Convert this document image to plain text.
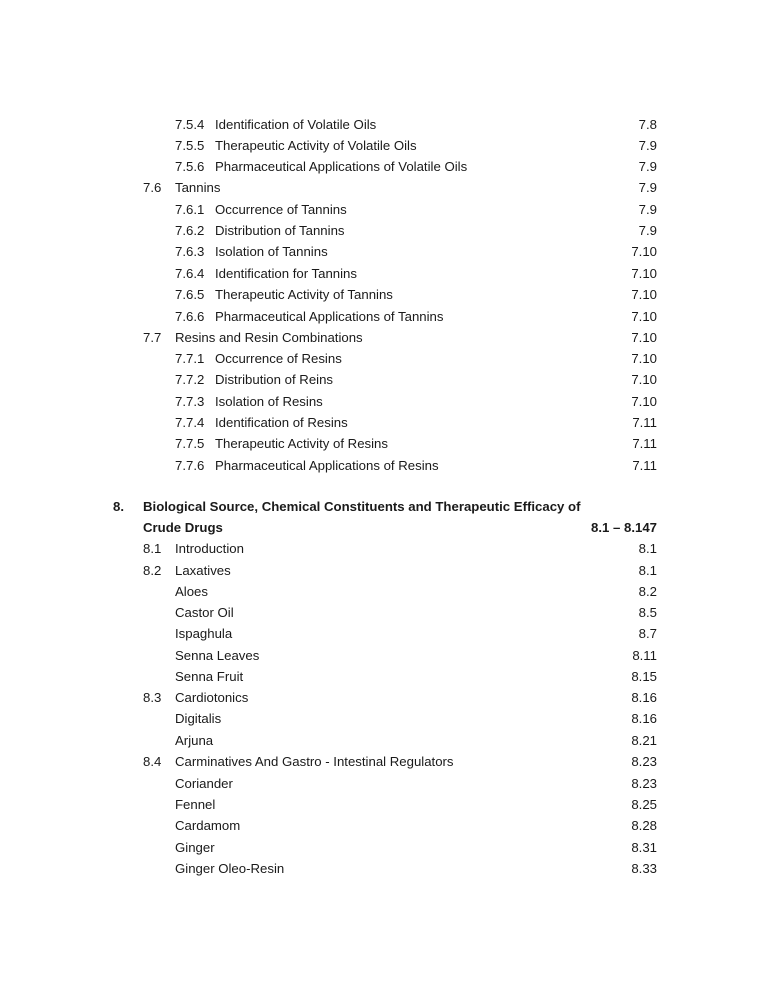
7.5.4 Identification of Volatile Oils	7.8
7.5.5 Therapeutic Activity of Volatile Oils	7.9
7.5.6 Pharmaceutical Applications of Volatile Oils	7.9
7.6 Tannins	7.9
7.6.1 Occurrence of Tannins	7.9
7.6.2 Distribution of Tannins	7.9
7.6.3 Isolation of Tannins	7.10
7.6.4 Identification for Tannins	7.10
7.6.5 Therapeutic Activity of Tannins	7.10
7.6.6 Pharmaceutical Applications of Tannins	7.10
7.7 Resins and Resin Combinations	7.10
7.7.1 Occurrence of Resins	7.10
7.7.2 Distribution of Reins	7.10
7.7.3 Isolation of Resins	7.10
7.7.4 Identification of Resins	7.11
7.7.5 Therapeutic Activity of Resins	7.11
7.7.6 Pharmaceutical Applications of Resins	7.11
8. Biological Source, Chemical Constituents and Therapeutic Efficacy of
Crude Drugs	8.1 – 8.147
8.1 Introduction	8.1
8.2 Laxatives	8.1
Aloes	8.2
Castor Oil	8.5
Ispaghula	8.7
Senna Leaves	8.11
Senna Fruit	8.15
8.3 Cardiotonics	8.16
Digitalis	8.16
Arjuna	8.21
8.4 Carminatives And Gastro - Intestinal Regulators	8.23
Coriander	8.23
Fennel	8.25
Cardamom	8.28
Ginger	8.31
Ginger Oleo-Resin	8.33
